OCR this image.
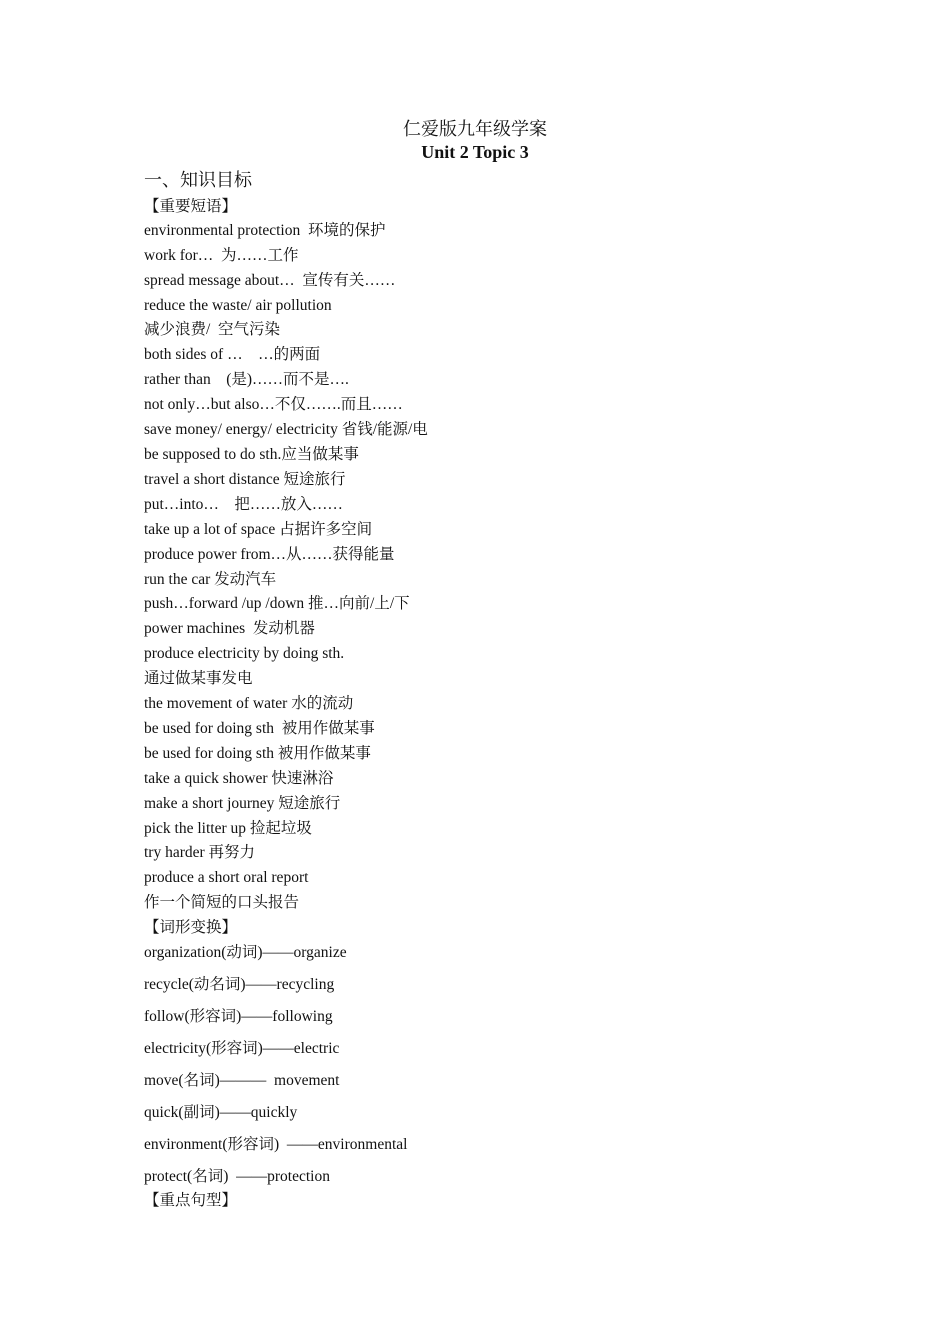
仁爱版九年级学案
Unit 2 Topic 3
一、知识目标
【重要短语】
environmental protection  环境的保护
work for…  为……工作
spread message about…  宣传有关……
reduce the waste/ air pollution
减少浪费/  空气污染
both sides of …    …的两面
rather than    (是)……而不是….
not only…but also…不仅…….而且……
save money/ energy/ electricity 省钱/能源/电
be supposed to do sth.应当做某事
travel a short distance 短途旅行
put…into…    把……放入……
take up a lot of space 占据许多空间
produce power from…从……获得能量
run the car 发动汽车
push…forward /up /down 推…向前/上/下
power machines  发动机器
produce electricity by doing sth.
通过做某事发电
the movement of water 水的流动
be used for doing sth  被用作做某事
be used for doing sth 被用作做某事
take a quick shower 快速淋浴
make a short journey 短途旅行
pick the litter up 捡起垃圾
try harder 再努力
produce a short oral report
作一个简短的口头报告
【词形变换】
organization(动词)——organize
recycle(动名词)——recycling
follow(形容词)——following
electricity(形容词)——electric
move(名词)———  movement
quick(副词)——quickly
environment(形容词)  ——environmental
protect(名词)  ——protection
【重点句型】
